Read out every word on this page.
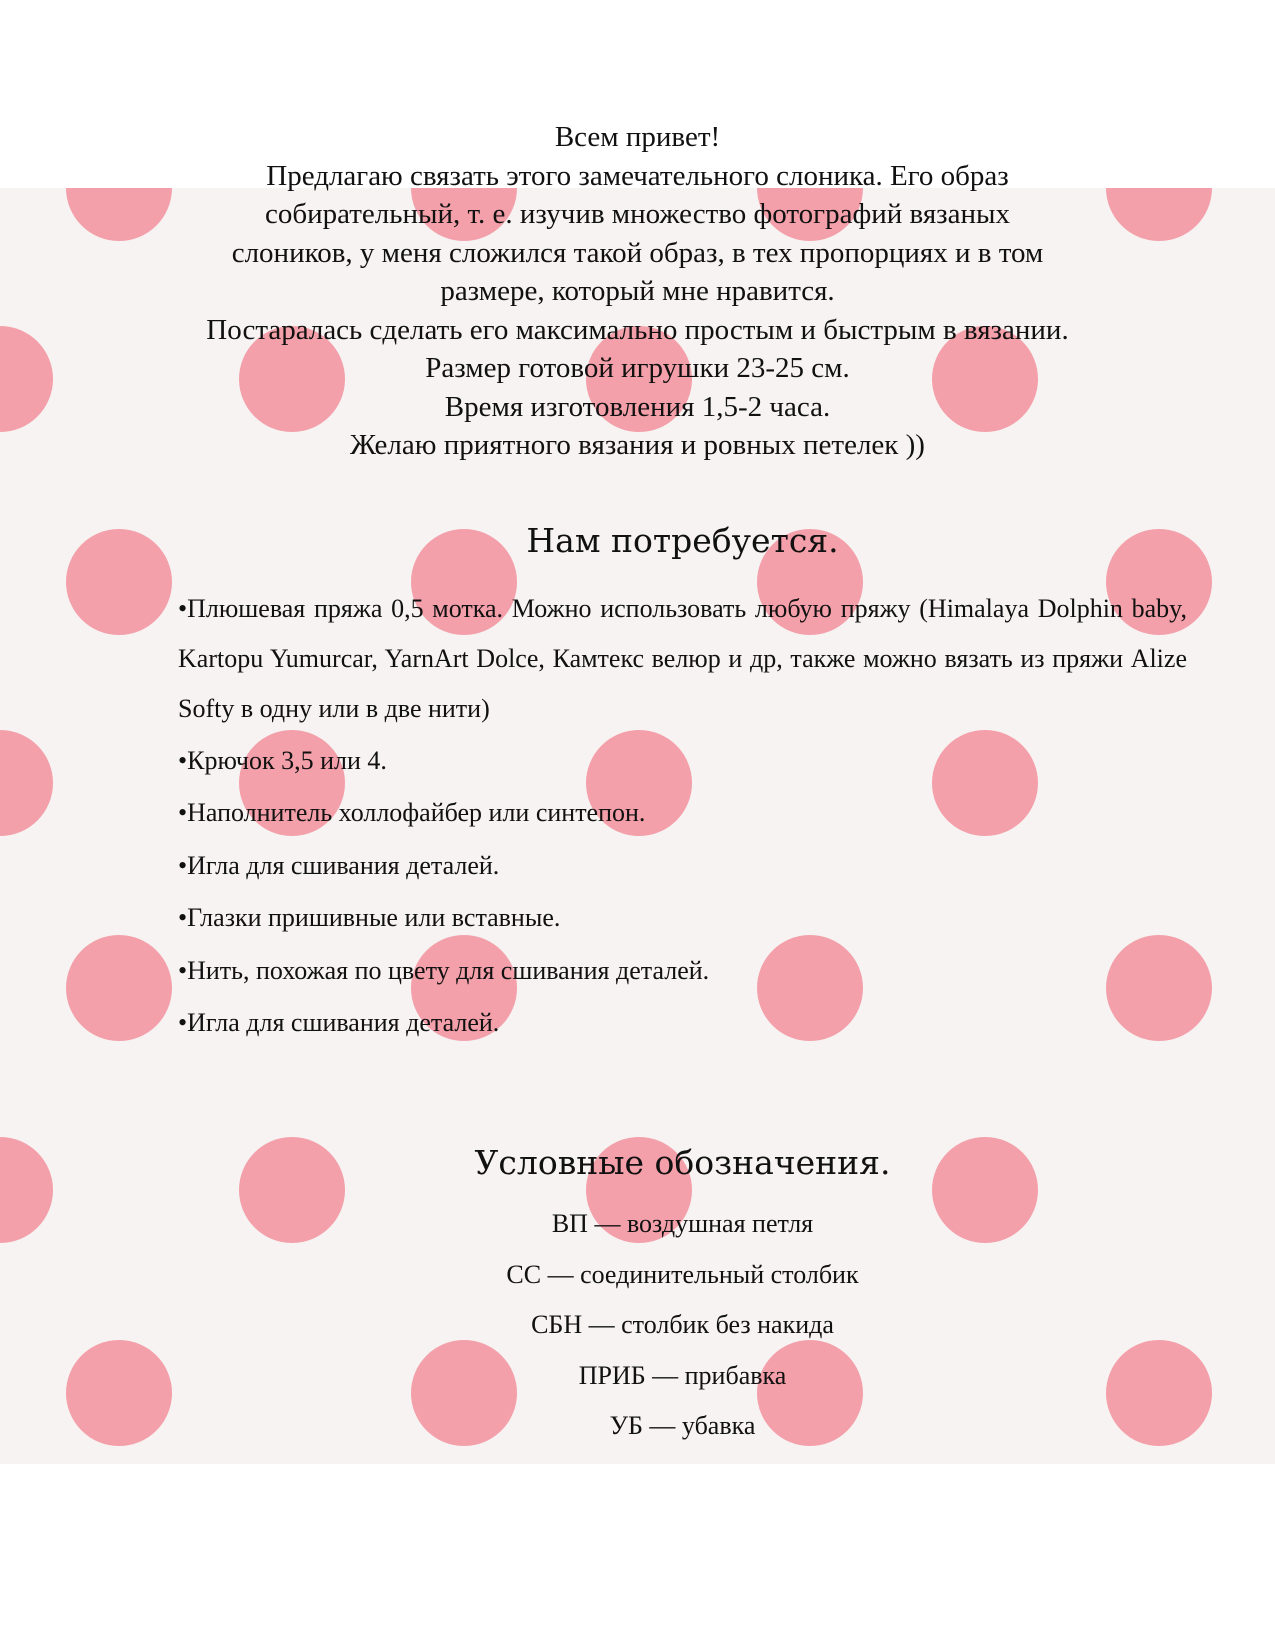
Всем привет!
Предлагаю связать этого замечательного слоника. Его образ
собирательный, т. е. изучив множество фотографий вязаных
слоников, у меня сложился такой образ, в тех пропорциях и в том
размере, который мне нравится.
Постаралась сделать его максимально простым и быстрым в вязании.
Размер готовой игрушки 23-25 см.
Время изготовления 1,5-2 часа.
Желаю приятного вязания и ровных петелек ))
Нам потребуется.
•Плюшевая пряжа 0,5 мотка. Можно использовать любую пряжу (Himalaya Dolphin baby, Kartopu Yumurcar, YarnArt Dolce, Камтекс велюр и др, также можно вязать из пряжи Alize Softy в одну или в две нити)
•Крючок 3,5 или 4.
•Наполнитель холлофайбер или синтепон.
•Игла для сшивания деталей.
•Глазки пришивные или вставные.
•Нить, похожая по цвету для сшивания деталей.
•Игла для сшивания деталей.
Условные обозначения.
ВП — воздушная петля
СС — соединительный столбик
СБН — столбик без накида
ПРИБ — прибавка
УБ — убавка
